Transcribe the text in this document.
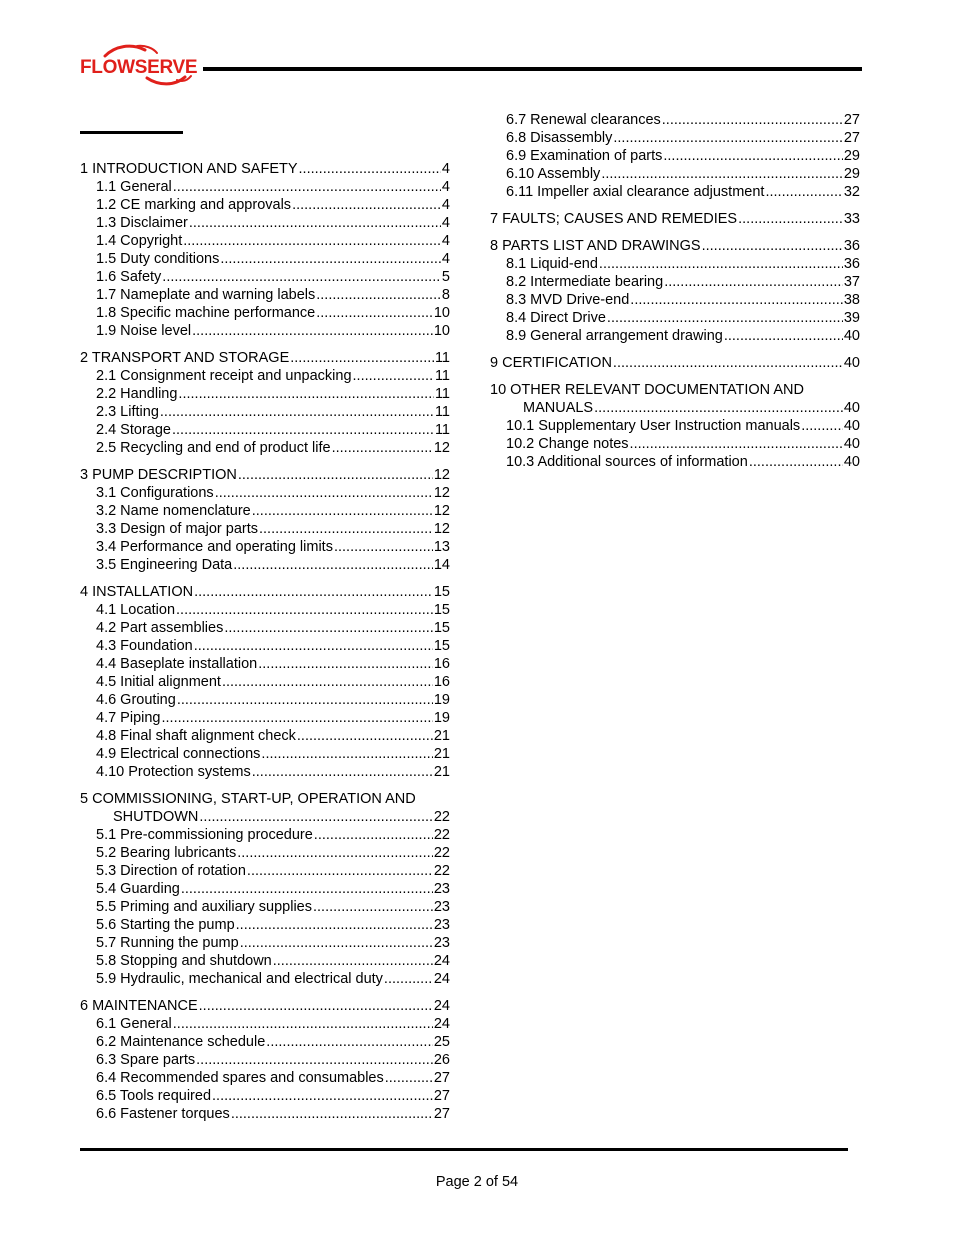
FLOWSERVE
1 INTRODUCTION AND SAFETY .....	4
1.1 General .....	4
1.2 CE marking and approvals .....	4
1.3 Disclaimer .....	4
1.4 Copyright .....	4
1.5 Duty conditions .....	4
1.6 Safety .....	5
1.7 Nameplate and warning labels .....	8
1.8 Specific machine performance .....	10
1.9 Noise level .....	10
2 TRANSPORT AND STORAGE .....	11
2.1 Consignment receipt and unpacking .....	11
2.2 Handling .....	11
2.3 Lifting .....	11
2.4 Storage .....	11
2.5 Recycling and end of product life .....	12
3 PUMP DESCRIPTION .....	12
3.1 Configurations .....	12
3.2 Name nomenclature .....	12
3.3 Design of major parts .....	12
3.4 Performance and operating limits .....	13
3.5 Engineering Data .....	14
4 INSTALLATION .....	15
4.1 Location .....	15
4.2 Part assemblies .....	15
4.3 Foundation .....	15
4.4 Baseplate installation .....	16
4.5 Initial alignment .....	16
4.6 Grouting .....	19
4.7 Piping .....	19
4.8 Final shaft alignment check .....	21
4.9 Electrical connections .....	21
4.10 Protection systems .....	21
5 COMMISSIONING, START-UP, OPERATION AND
SHUTDOWN .....	22
5.1 Pre-commissioning procedure .....	22
5.2 Bearing lubricants .....	22
5.3 Direction of rotation .....	22
5.4 Guarding .....	23
5.5 Priming and auxiliary supplies .....	23
5.6 Starting the pump .....	23
5.7 Running the pump .....	23
5.8 Stopping and shutdown .....	24
5.9 Hydraulic, mechanical and electrical duty .....	24
6 MAINTENANCE .....	24
6.1 General .....	24
6.2 Maintenance schedule .....	25
6.3 Spare parts .....	26
6.4 Recommended spares and consumables .....	27
6.5 Tools required .....	27
6.6 Fastener torques .....	27
6.7 Renewal clearances .....	27
6.8 Disassembly .....	27
6.9 Examination of parts .....	29
6.10 Assembly .....	29
6.11 Impeller axial clearance adjustment .....	32
7 FAULTS; CAUSES AND REMEDIES .....	33
8 PARTS LIST AND DRAWINGS .....	36
8.1 Liquid-end .....	36
8.2 Intermediate bearing .....	37
8.3 MVD Drive-end .....	38
8.4 Direct Drive .....	39
8.9 General arrangement drawing .....	40
9 CERTIFICATION .....	40
10 OTHER RELEVANT DOCUMENTATION AND
MANUALS .....	40
10.1 Supplementary User Instruction manuals .....	40
10.2 Change notes .....	40
10.3 Additional sources of information .....	40
Page 2 of 54
